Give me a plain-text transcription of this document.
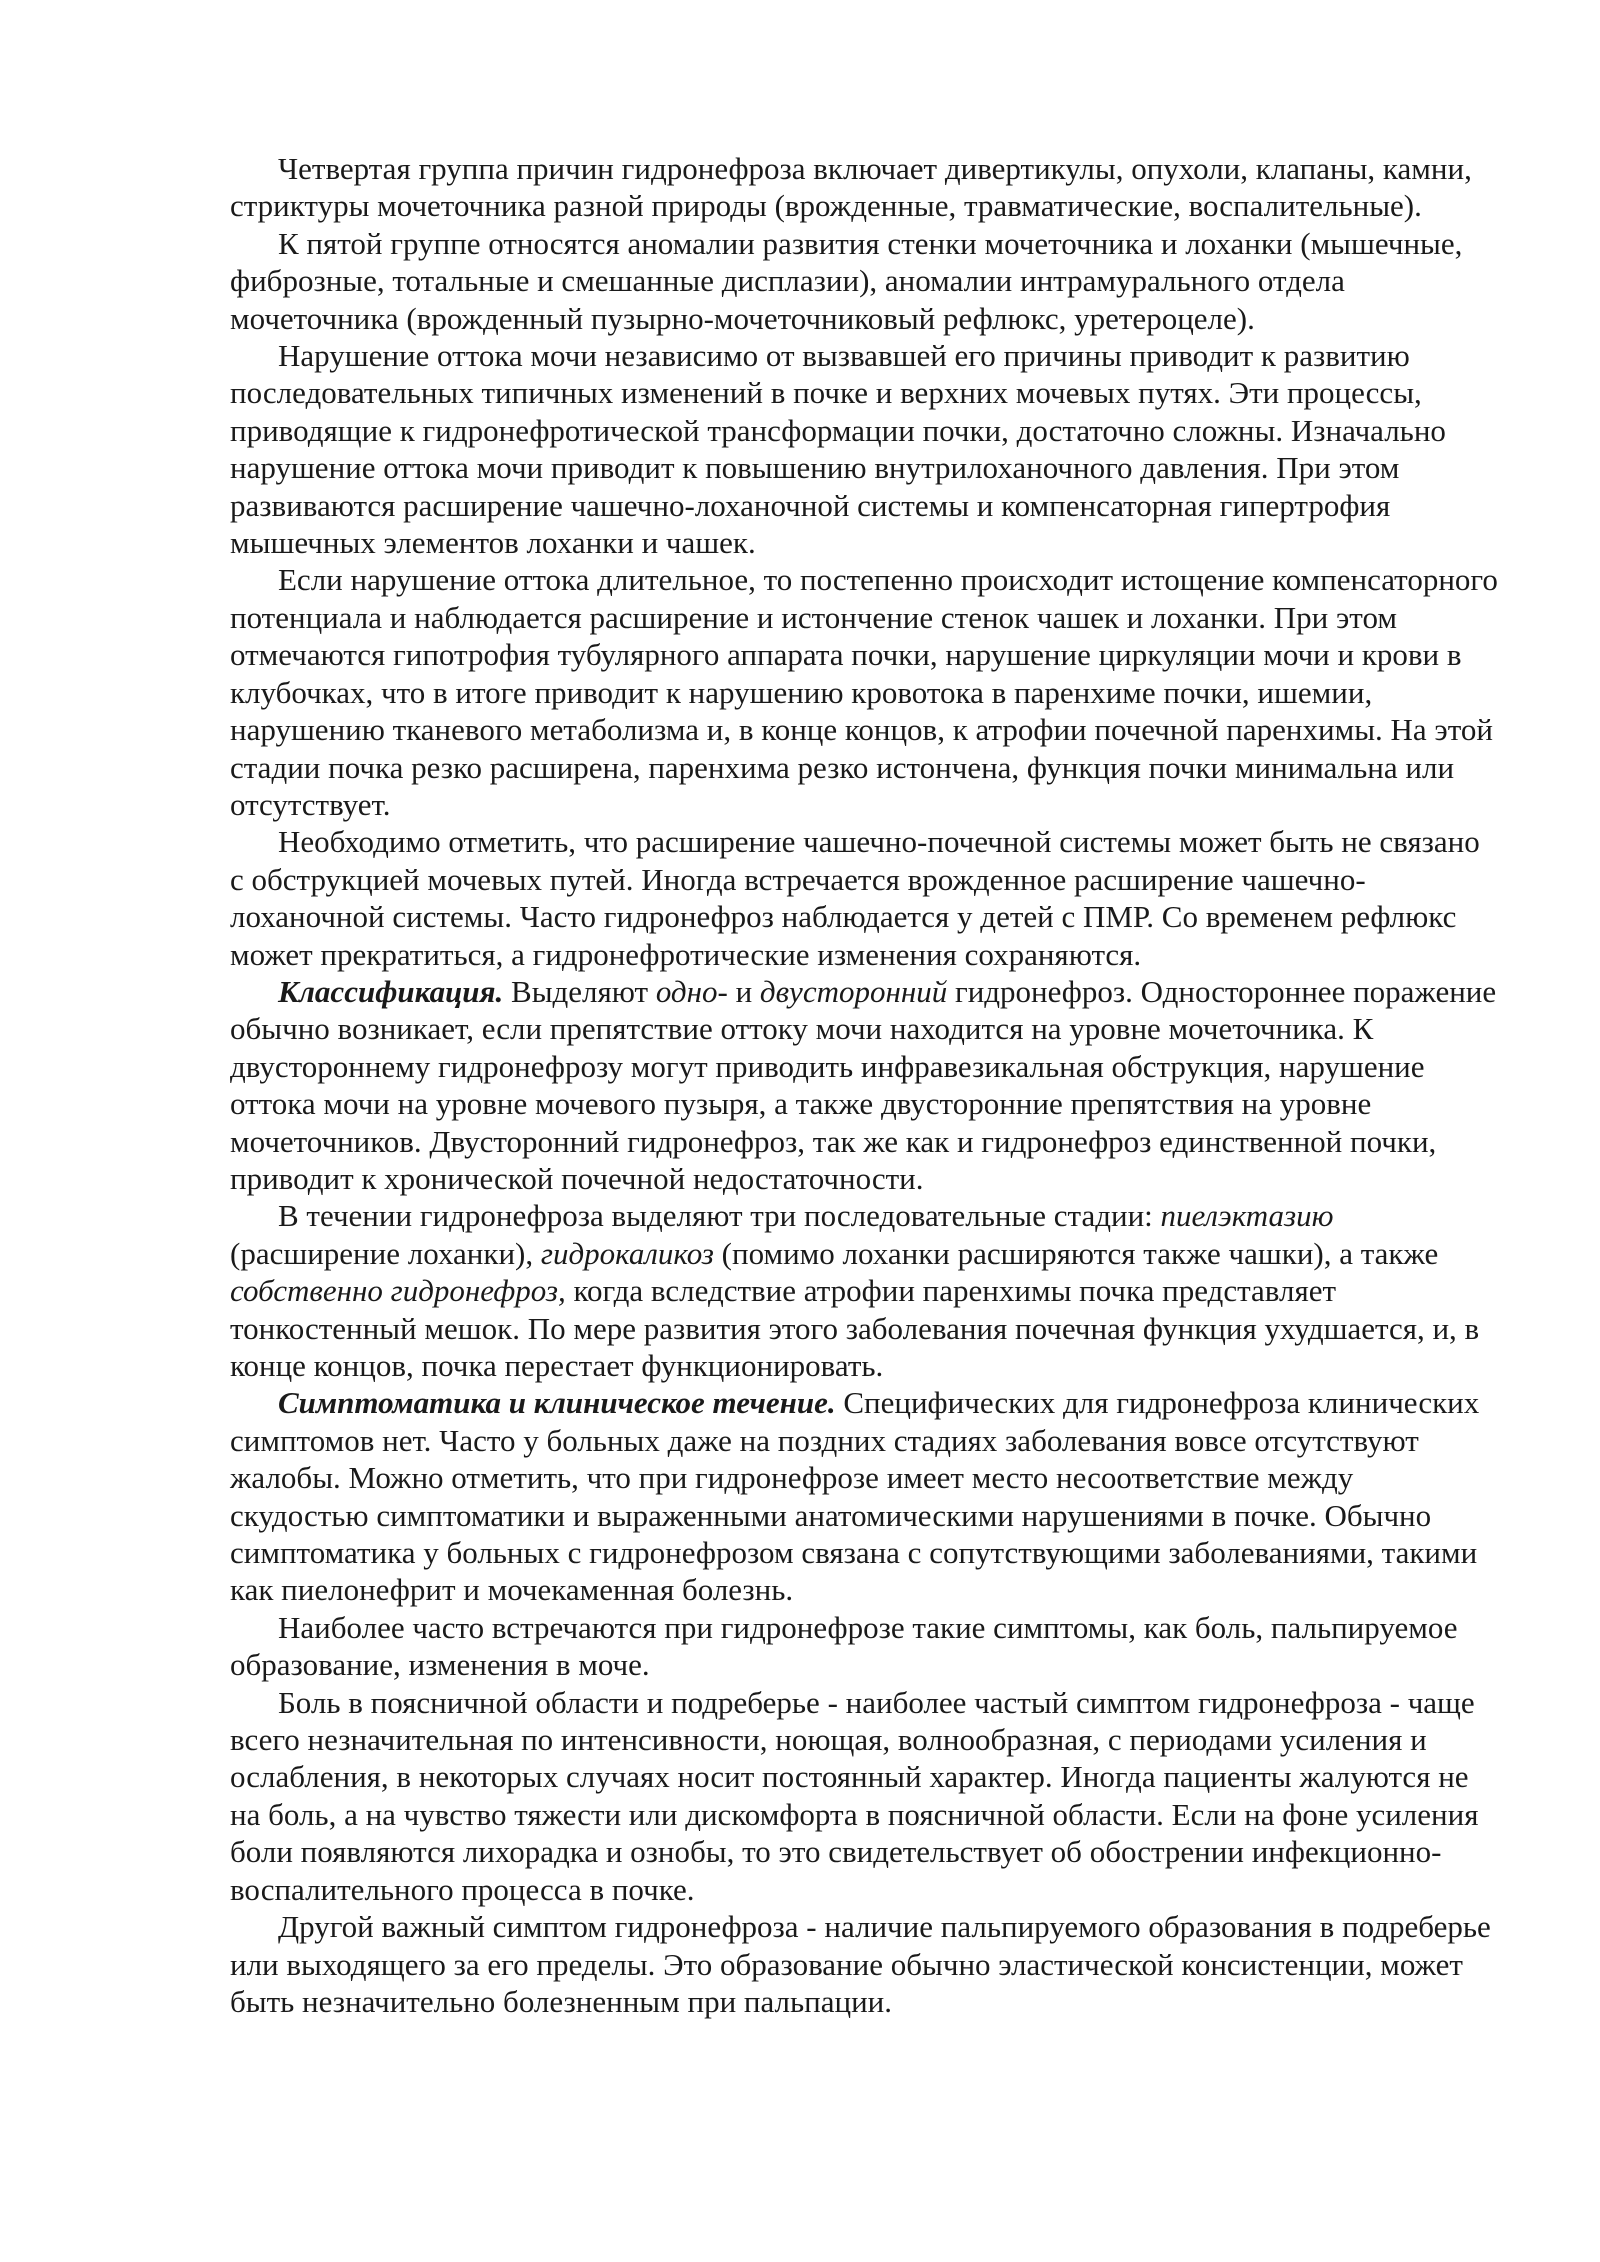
Четвертая группа причин гидронефроза включает дивертикулы, опухоли, клапаны, камни, стриктуры мочеточника разной природы (врожденные, травматические, воспалительные).

К пятой группе относятся аномалии развития стенки мочеточника и лоханки (мышечные, фиброзные, тотальные и смешанные дисплазии), аномалии интрамурального отдела мочеточника (врожденный пузырно-мочеточниковый рефлюкс, уретероцеле).

Нарушение оттока мочи независимо от вызвавшей его причины приводит к развитию последовательных типичных изменений в почке и верхних мочевых путях. Эти процессы, приводящие к гидронефротической трансформации почки, достаточно сложны. Изначально нарушение оттока мочи приводит к повышению внутрилоханочного давления. При этом развиваются расширение чашечно-лоханочной системы и компенсаторная гипертрофия мышечных элементов лоханки и чашек.

Если нарушение оттока длительное, то постепенно происходит истощение компенсаторного потенциала и наблюдается расширение и истончение стенок чашек и лоханки. При этом отмечаются гипотрофия тубулярного аппарата почки, нарушение циркуляции мочи и крови в клубочках, что в итоге приводит к нарушению кровотока в паренхиме почки, ишемии, нарушению тканевого метаболизма и, в конце концов, к атрофии почечной паренхимы. На этой стадии почка резко расширена, паренхима резко истончена, функция почки минимальна или отсутствует.

Необходимо отметить, что расширение чашечно-почечной системы может быть не связано с обструкцией мочевых путей. Иногда встречается врожденное расширение чашечно-лоханочной системы. Часто гидронефроз наблюдается у детей с ПМР. Со временем рефлюкс может прекратиться, а гидронефротические изменения сохраняются.

Классификация. Выделяют одно- и двусторонний гидронефроз. Одностороннее поражение обычно возникает, если препятствие оттоку мочи находится на уровне мочеточника. К двустороннему гидронефрозу могут приводить инфравезикальная обструкция, нарушение оттока мочи на уровне мочевого пузыря, а также двусторонние препятствия на уровне мочеточников. Двусторонний гидронефроз, так же как и гидронефроз единственной почки, приводит к хронической почечной недостаточности.

В течении гидронефроза выделяют три последовательные стадии: пиелэктазию (расширение лоханки), гидрокаликоз (помимо лоханки расширяются также чашки), а также собственно гидронефроз, когда вследствие атрофии паренхимы почка представляет тонкостенный мешок. По мере развития этого заболевания почечная функция ухудшается, и, в конце концов, почка перестает функционировать.

Симптоматика и клиническое течение. Специфических для гидронефроза клинических симптомов нет. Часто у больных даже на поздних стадиях заболевания вовсе отсутствуют жалобы. Можно отметить, что при гидронефрозе имеет место несоответствие между скудостью симптоматики и выраженными анатомическими нарушениями в почке. Обычно симптоматика у больных с гидронефрозом связана с сопутствующими заболеваниями, такими как пиелонефрит и мочекаменная болезнь.

Наиболее часто встречаются при гидронефрозе такие симптомы, как боль, пальпируемое образование, изменения в моче.

Боль в поясничной области и подреберье - наиболее частый симптом гидронефроза - чаще всего незначительная по интенсивности, ноющая, волнообразная, с периодами усиления и ослабления, в некоторых случаях носит постоянный характер. Иногда пациенты жалуются не на боль, а на чувство тяжести или дискомфорта в поясничной области. Если на фоне усиления боли появляются лихорадка и ознобы, то это свидетельствует об обострении инфекционно-воспалительного процесса в почке.

Другой важный симптом гидронефроза - наличие пальпируемого образования в подреберье или выходящего за его пределы. Это образование обычно эластической консистенции, может быть незначительно болезненным при пальпации.
